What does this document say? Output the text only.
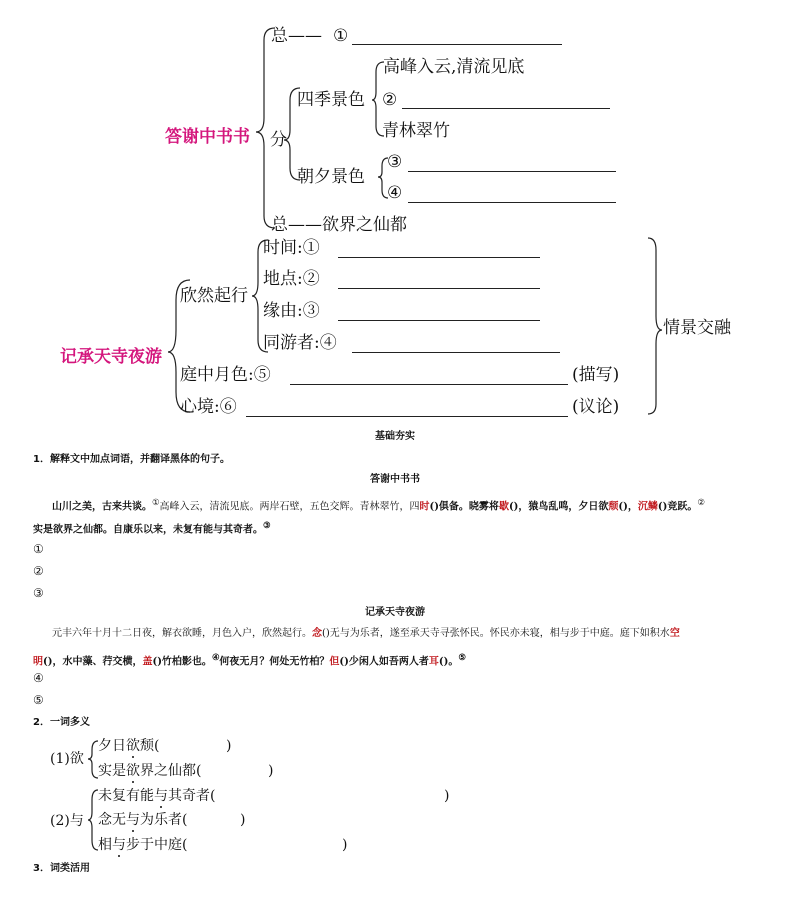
答谢中书书
总—— ①
分
四季景色
高峰入云,清流见底
②
青林翠竹
朝夕景色
③
④
总——欲界之仙都
记承天寺夜游
欣然起行
时间:①
地点:②
缘由:③
同游者:④
庭中月色:⑤	(描写)
心境:⑥	(议论)
情景交融
基础夯实
1．解释文中加点词语，并翻译黑体的句子。
答谢中书书
山川之美，古来共谈。①高峰入云，清流见底。两岸石壁，五色交辉。青林翠竹，四时()俱备。晓雾将歇()，猿鸟乱鸣，夕日欲颓()，沉鳞()竞跃。②
实是欲界之仙都。自康乐以来，未复有能与其奇者。③
①
②
③
记承天寺夜游
元丰六年十月十二日夜，解衣欲睡，月色入户，欣然起行。念()无与为乐者，遂至承天寺寻张怀民。怀民亦未寝，相与步于中庭。庭下如积水空
明()，水中藻、荇交横，盖()竹柏影也。④何夜无月？何处无竹柏？但()少闲人如吾两人者耳()。⑤
④
⑤
2．一词多义
(1)欲
夕日欲颓(	)
实是欲界之仙都(	)
(2)与
未复有能与其奇者(	)
念无与为乐者(	)
相与步于中庭(	)
3．词类活用
